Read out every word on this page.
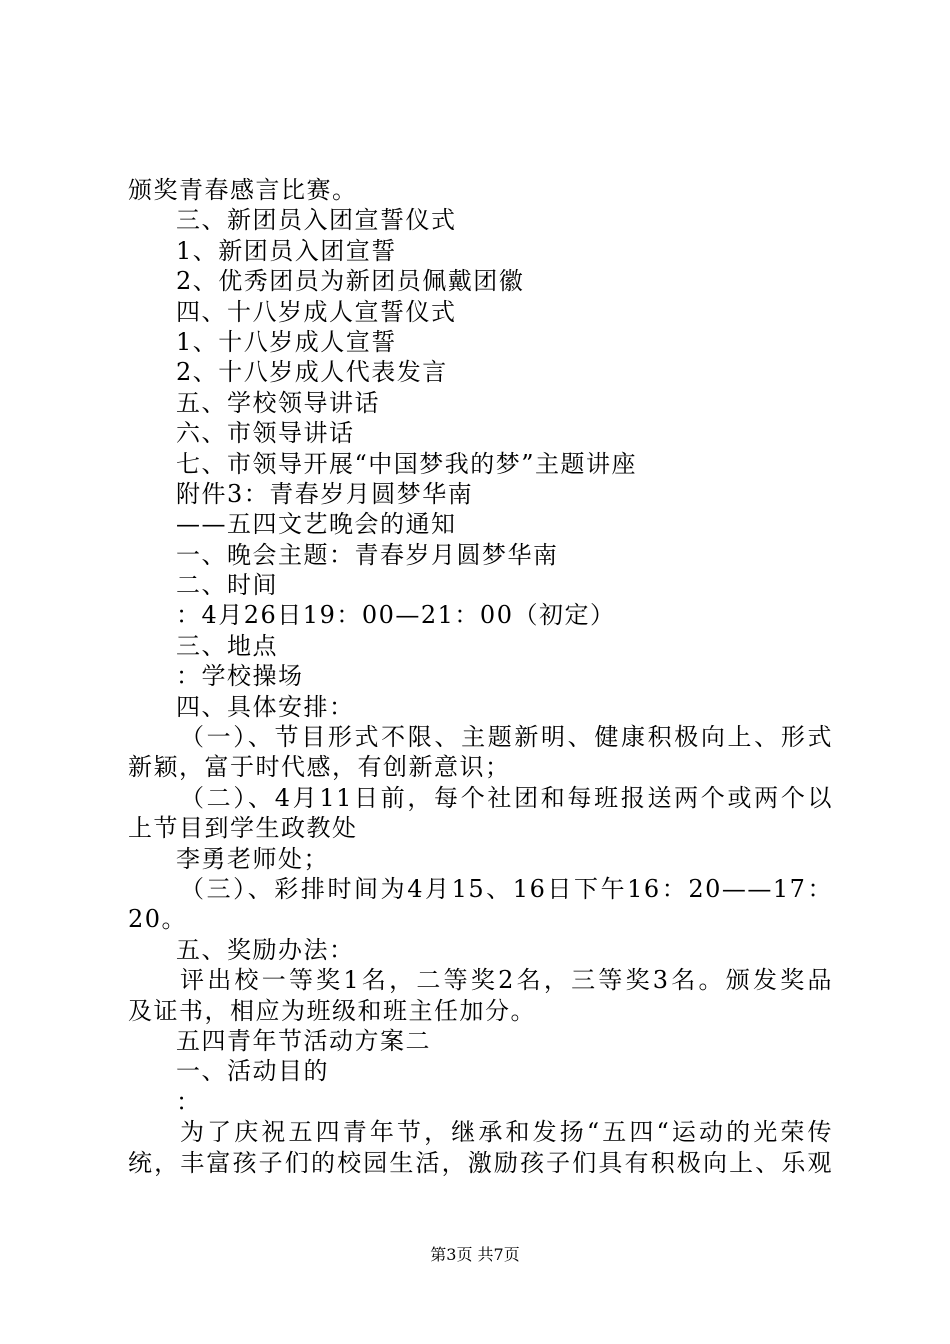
颁奖青春感言比赛。
三、新团员入团宣誓仪式
1、新团员入团宣誓
2、优秀团员为新团员佩戴团徽
四、十八岁成人宣誓仪式
1、十八岁成人宣誓
2、十八岁成人代表发言
五、学校领导讲话
六、市领导讲话
七、市领导开展“中国梦我的梦”主题讲座
附件3：青春岁月圆梦华南
——五四文艺晚会的通知
一、晚会主题：青春岁月圆梦华南
二、时间
：4月26日19：00—21：00（初定）
三、地点
：学校操场
四、具体安排：
（一）、节目形式不限、主题新明、健康积极向上、形式
新颖，富于时代感，有创新意识；
（二）、4月11日前，每个社团和每班报送两个或两个以
上节目到学生政教处
李勇老师处；
（三）、彩排时间为4月15、16日下午16：20——17：
20。
五、奖励办法：
评出校一等奖1名，二等奖2名，三等奖3名。颁发奖品
及证书，相应为班级和班主任加分。
五四青年节活动方案二
一、活动目的
：
为了庆祝五四青年节，继承和发扬“五四“运动的光荣传
统，丰富孩子们的校园生活，激励孩子们具有积极向上、乐观
第3页 共7页
